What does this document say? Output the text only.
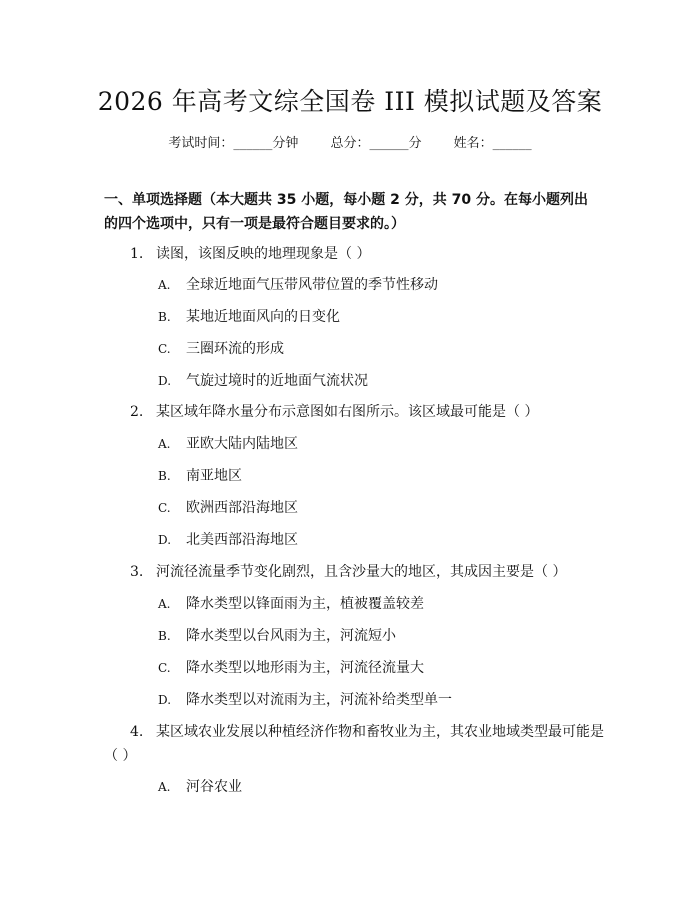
2026 年高考文综全国卷 III 模拟试题及答案
考试时间：______分钟 总分：______分 姓名：______
一、单项选择题（本大题共 35 小题，每小题 2 分，共 70 分。在每小题列出的四个选项中，只有一项是最符合题目要求的。）
1. 读图，该图反映的地理现象是（ ）
A. 全球近地面气压带风带位置的季节性移动
B. 某地近地面风向的日变化
C. 三圈环流的形成
D. 气旋过境时的近地面气流状况
2. 某区域年降水量分布示意图如右图所示。该区域最可能是（ ）
A. 亚欧大陆内陆地区
B. 南亚地区
C. 欧洲西部沿海地区
D. 北美西部沿海地区
3. 河流径流量季节变化剧烈，且含沙量大的地区，其成因主要是（ ）
A. 降水类型以锋面雨为主，植被覆盖较差
B. 降水类型以台风雨为主，河流短小
C. 降水类型以地形雨为主，河流径流量大
D. 降水类型以对流雨为主，河流补给类型单一
4. 某区域农业发展以种植经济作物和畜牧业为主，其农业地域类型最可能是（ ）
A. 河谷农业
